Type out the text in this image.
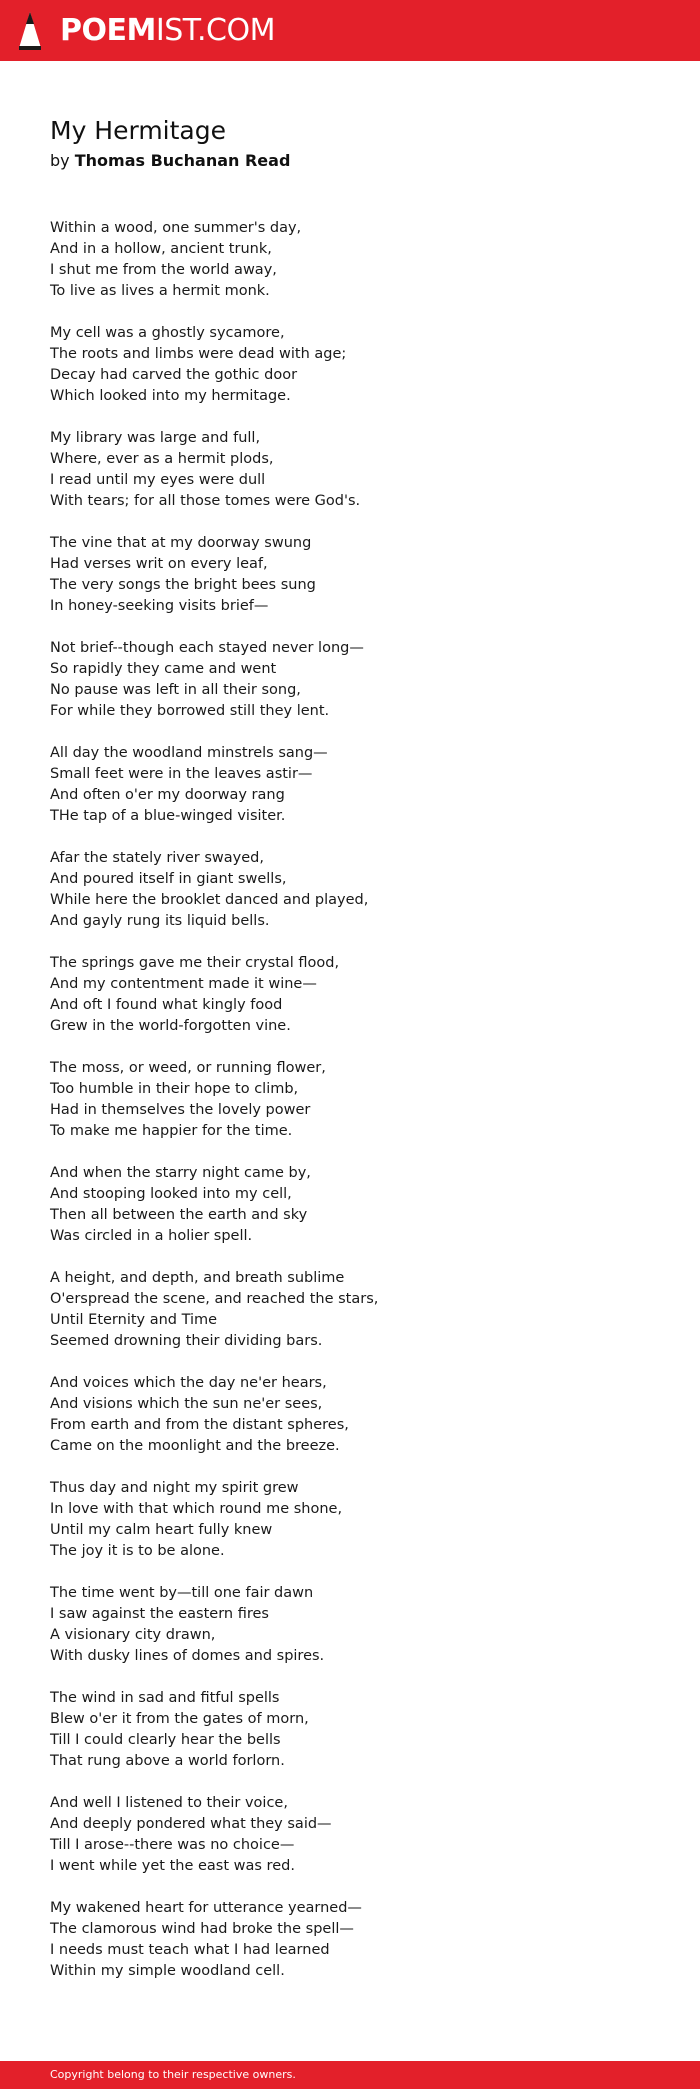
POEMIST.COM
My Hermitage

by Thomas Buchanan Read

Within a wood, one summer's day,
And in a hollow, ancient trunk,
I shut me from the world away,
To live as lives a hermit monk.
My cell was a ghostly sycamore,
The roots and limbs were dead with age;
Decay had carved the gothic door
Which looked into my hermitage.
My library was large and full,
Where, ever as a hermit plods,
I read until my eyes were dull
With tears; for all those tomes were God's.
The vine that at my doorway swung
Had verses writ on every leaf,
The very songs the bright bees sung
In honey-seeking visits brief—
Not brief--though each stayed never long—
So rapidly they came and went
No pause was left in all their song,
For while they borrowed still they lent.
All day the woodland minstrels sang—
Small feet were in the leaves astir—
And often o'er my doorway rang
THe tap of a blue-winged visiter.
Afar the stately river swayed,
And poured itself in giant swells,
While here the brooklet danced and played,
And gayly rung its liquid bells.
The springs gave me their crystal flood,
And my contentment made it wine—
And oft I found what kingly food
Grew in the world-forgotten vine.
The moss, or weed, or running flower,
Too humble in their hope to climb,
Had in themselves the lovely power
To make me happier for the time.
And when the starry night came by,
And stooping looked into my cell,
Then all between the earth and sky
Was circled in a holier spell.
A height, and depth, and breath sublime
O'erspread the scene, and reached the stars,
Until Eternity and Time
Seemed drowning their dividing bars.
And voices which the day ne'er hears,
And visions which the sun ne'er sees,
From earth and from the distant spheres,
Came on the moonlight and the breeze.
Thus day and night my spirit grew
In love with that which round me shone,
Until my calm heart fully knew
The joy it is to be alone.
The time went by—till one fair dawn
I saw against the eastern fires
A visionary city drawn,
With dusky lines of domes and spires.
The wind in sad and fitful spells
Blew o'er it from the gates of morn,
Till I could clearly hear the bells
That rung above a world forlorn.
And well I listened to their voice,
And deeply pondered what they said—
Till I arose--there was no choice—
I went while yet the east was red.
My wakened heart for utterance yearned—
The clamorous wind had broke the spell—
I needs must teach what I had learned
Within my simple woodland cell.
Copyright belong to their respective owners.
